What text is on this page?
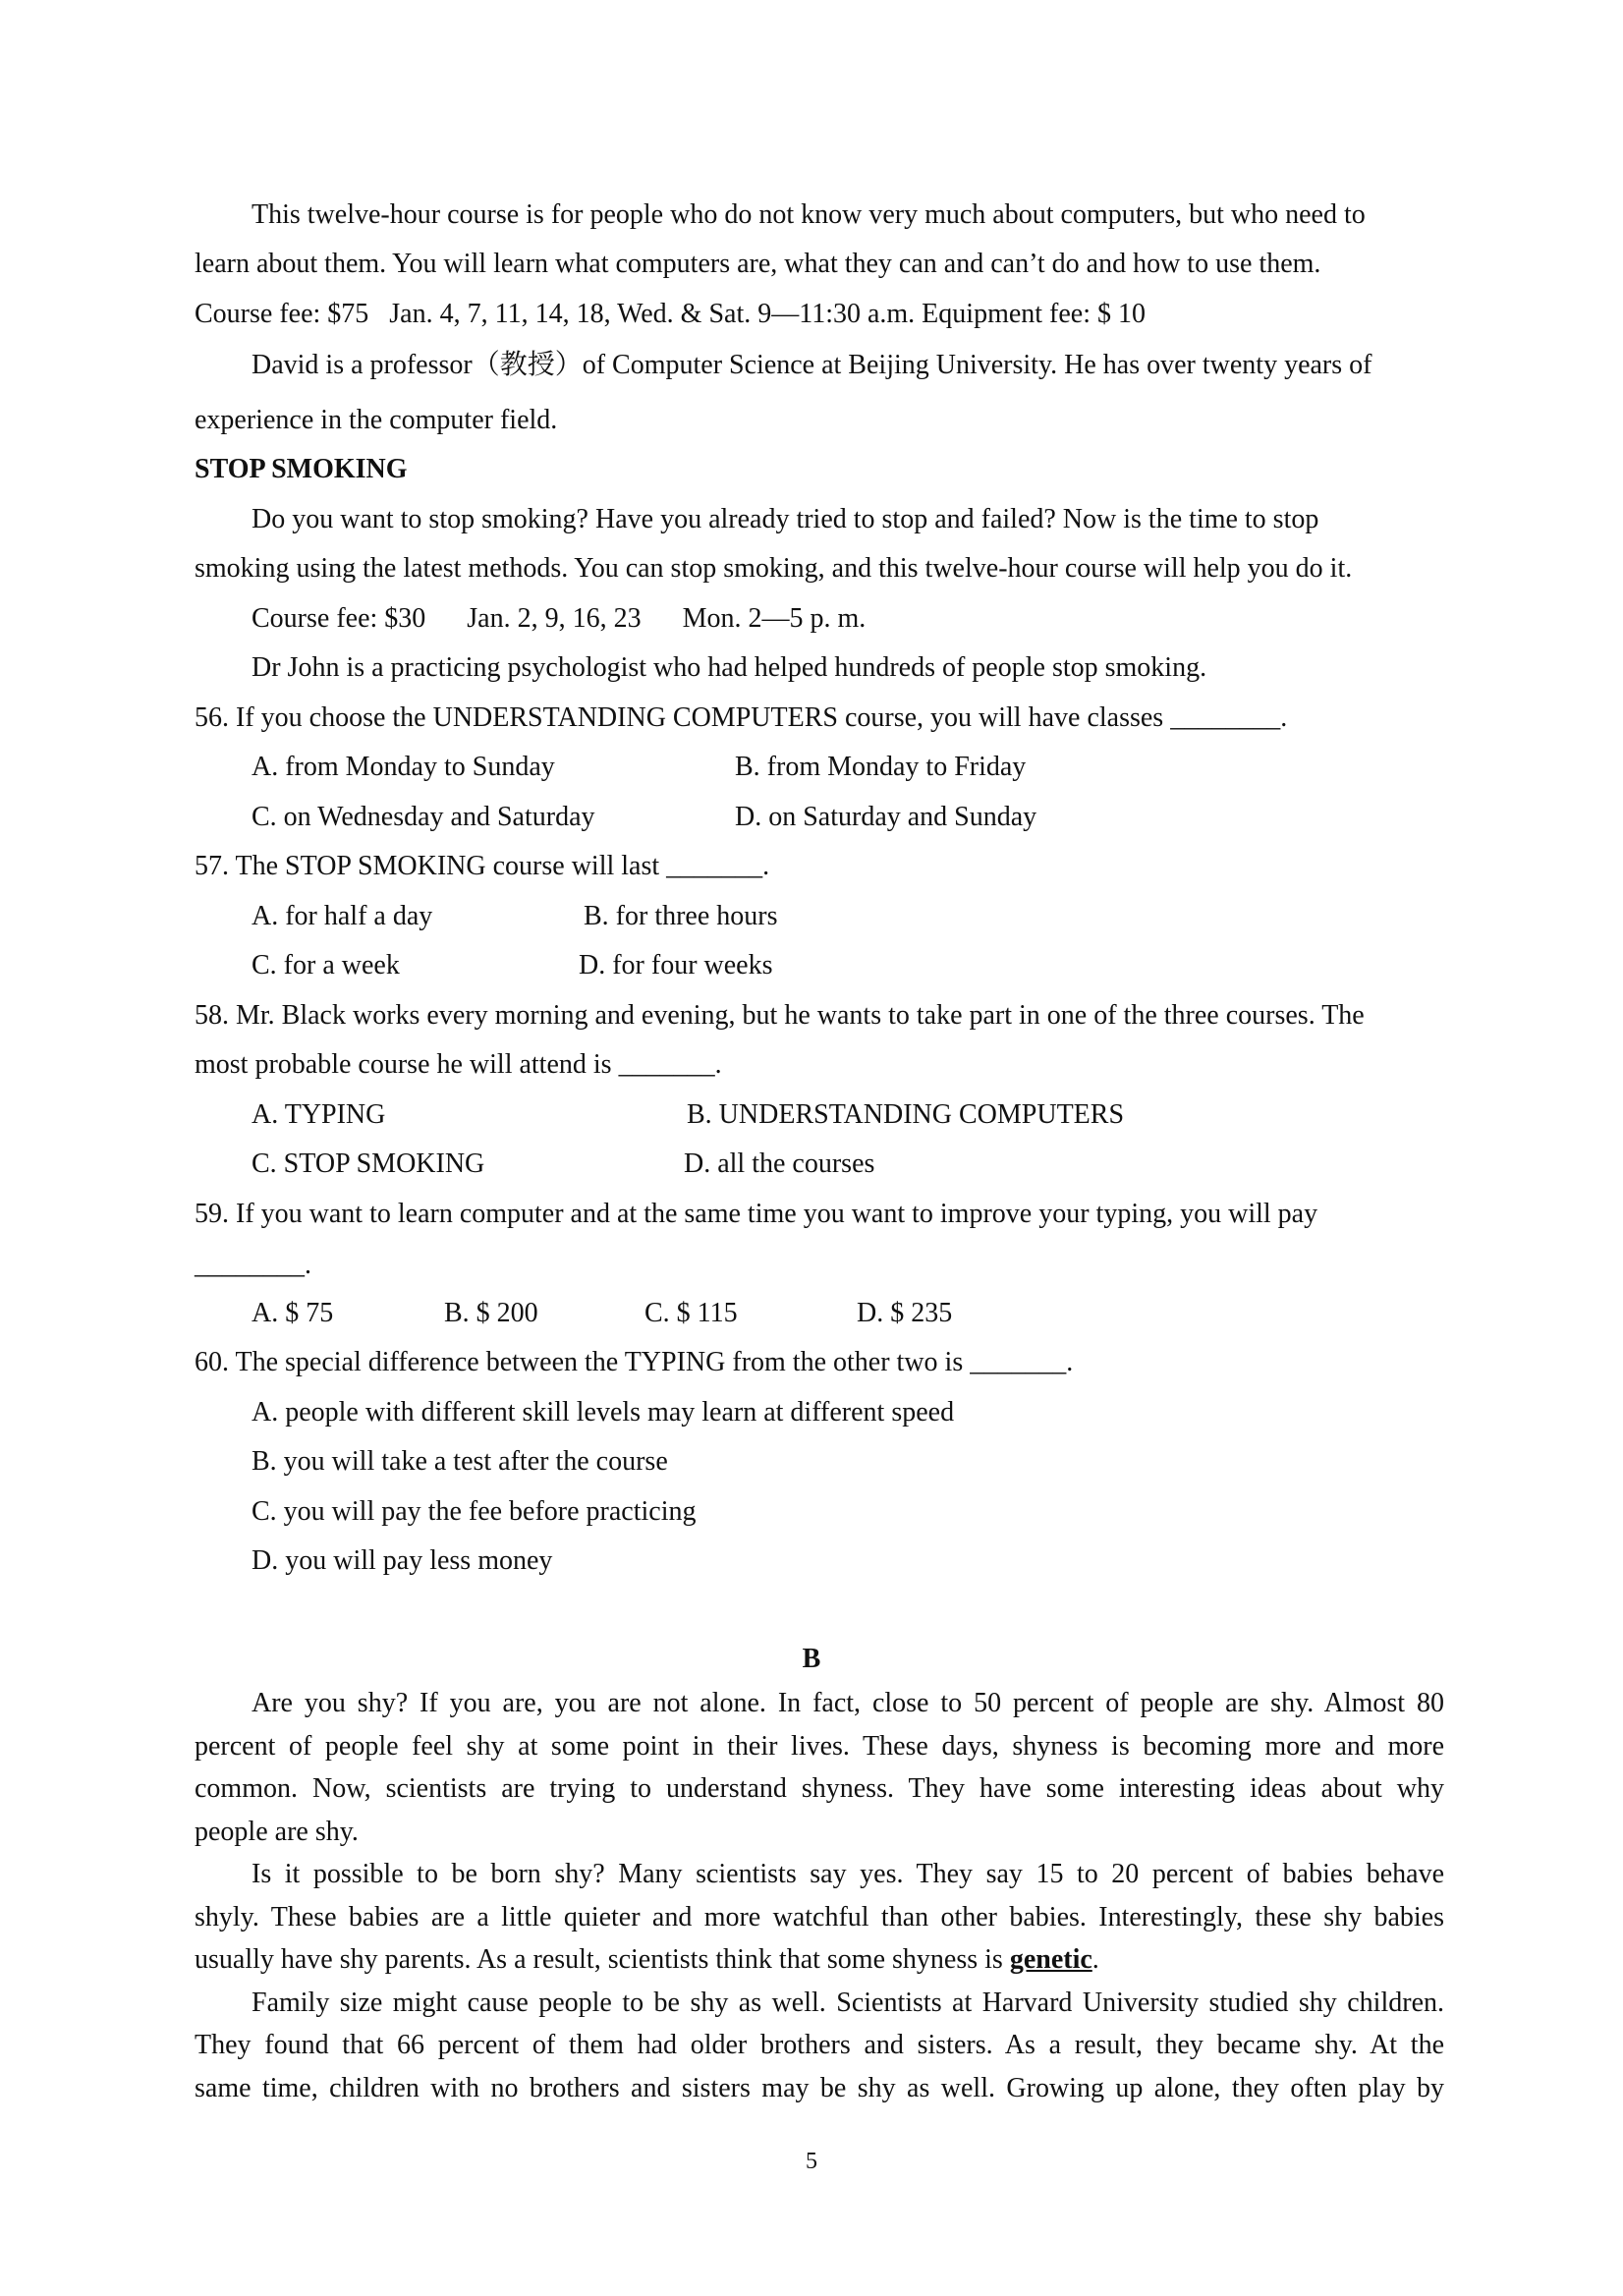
This twelve-hour course is for people who do not know very much about computers, but who need to
learn about them. You will learn what computers are, what they can and can’t do and how to use them.
Course fee: $75   Jan. 4, 7, 11, 14, 18, Wed. & Sat. 9—11:30 a.m. Equipment fee: $ 10
David is a professor（教授）of Computer Science at Beijing University. He has over twenty years of
experience in the computer field.
STOP SMOKING
Do you want to stop smoking? Have you already tried to stop and failed? Now is the time to stop
smoking using the latest methods. You can stop smoking, and this twelve-hour course will help you do it.
Course fee: $30      Jan. 2, 9, 16, 23      Mon. 2—5 p. m.
Dr John is a practicing psychologist who had helped hundreds of people stop smoking.
56. If you choose the UNDERSTANDING COMPUTERS course, you will have classes ________.
A. from Monday to Sunday	B. from Monday to Friday
C. on Wednesday and Saturday	D. on Saturday and Sunday
57. The STOP SMOKING course will last _______.
A. for half a day	B. for three hours
C. for a week	D. for four weeks
58. Mr. Black works every morning and evening, but he wants to take part in one of the three courses. The
most probable course he will attend is _______.
A. TYPING	B. UNDERSTANDING COMPUTERS
C. STOP SMOKING	D. all the courses
59. If you want to learn computer and at the same time you want to improve your typing, you will pay
________.
A. $ 75	B. $ 200	C. $ 115	D. $ 235
60. The special difference between the TYPING from the other two is _______.
A. people with different skill levels may learn at different speed
B. you will take a test after the course
C. you will pay the fee before practicing
D. you will pay less money
B
Are you shy? If you are, you are not alone. In fact, close to 50 percent of people are shy. Almost 80
percent of people feel shy at some point in their lives. These days, shyness is becoming more and more
common. Now, scientists are trying to understand shyness. They have some interesting ideas about why
people are shy.
Is it possible to be born shy? Many scientists say yes. They say 15 to 20 percent of babies behave
shyly. These babies are a little quieter and more watchful than other babies. Interestingly, these shy babies
usually have shy parents. As a result, scientists think that some shyness is genetic.
Family size might cause people to be shy as well. Scientists at Harvard University studied shy children.
They found that 66 percent of them had older brothers and sisters. As a result, they became shy. At the
same time, children with no brothers and sisters may be shy as well. Growing up alone, they often play by
5
